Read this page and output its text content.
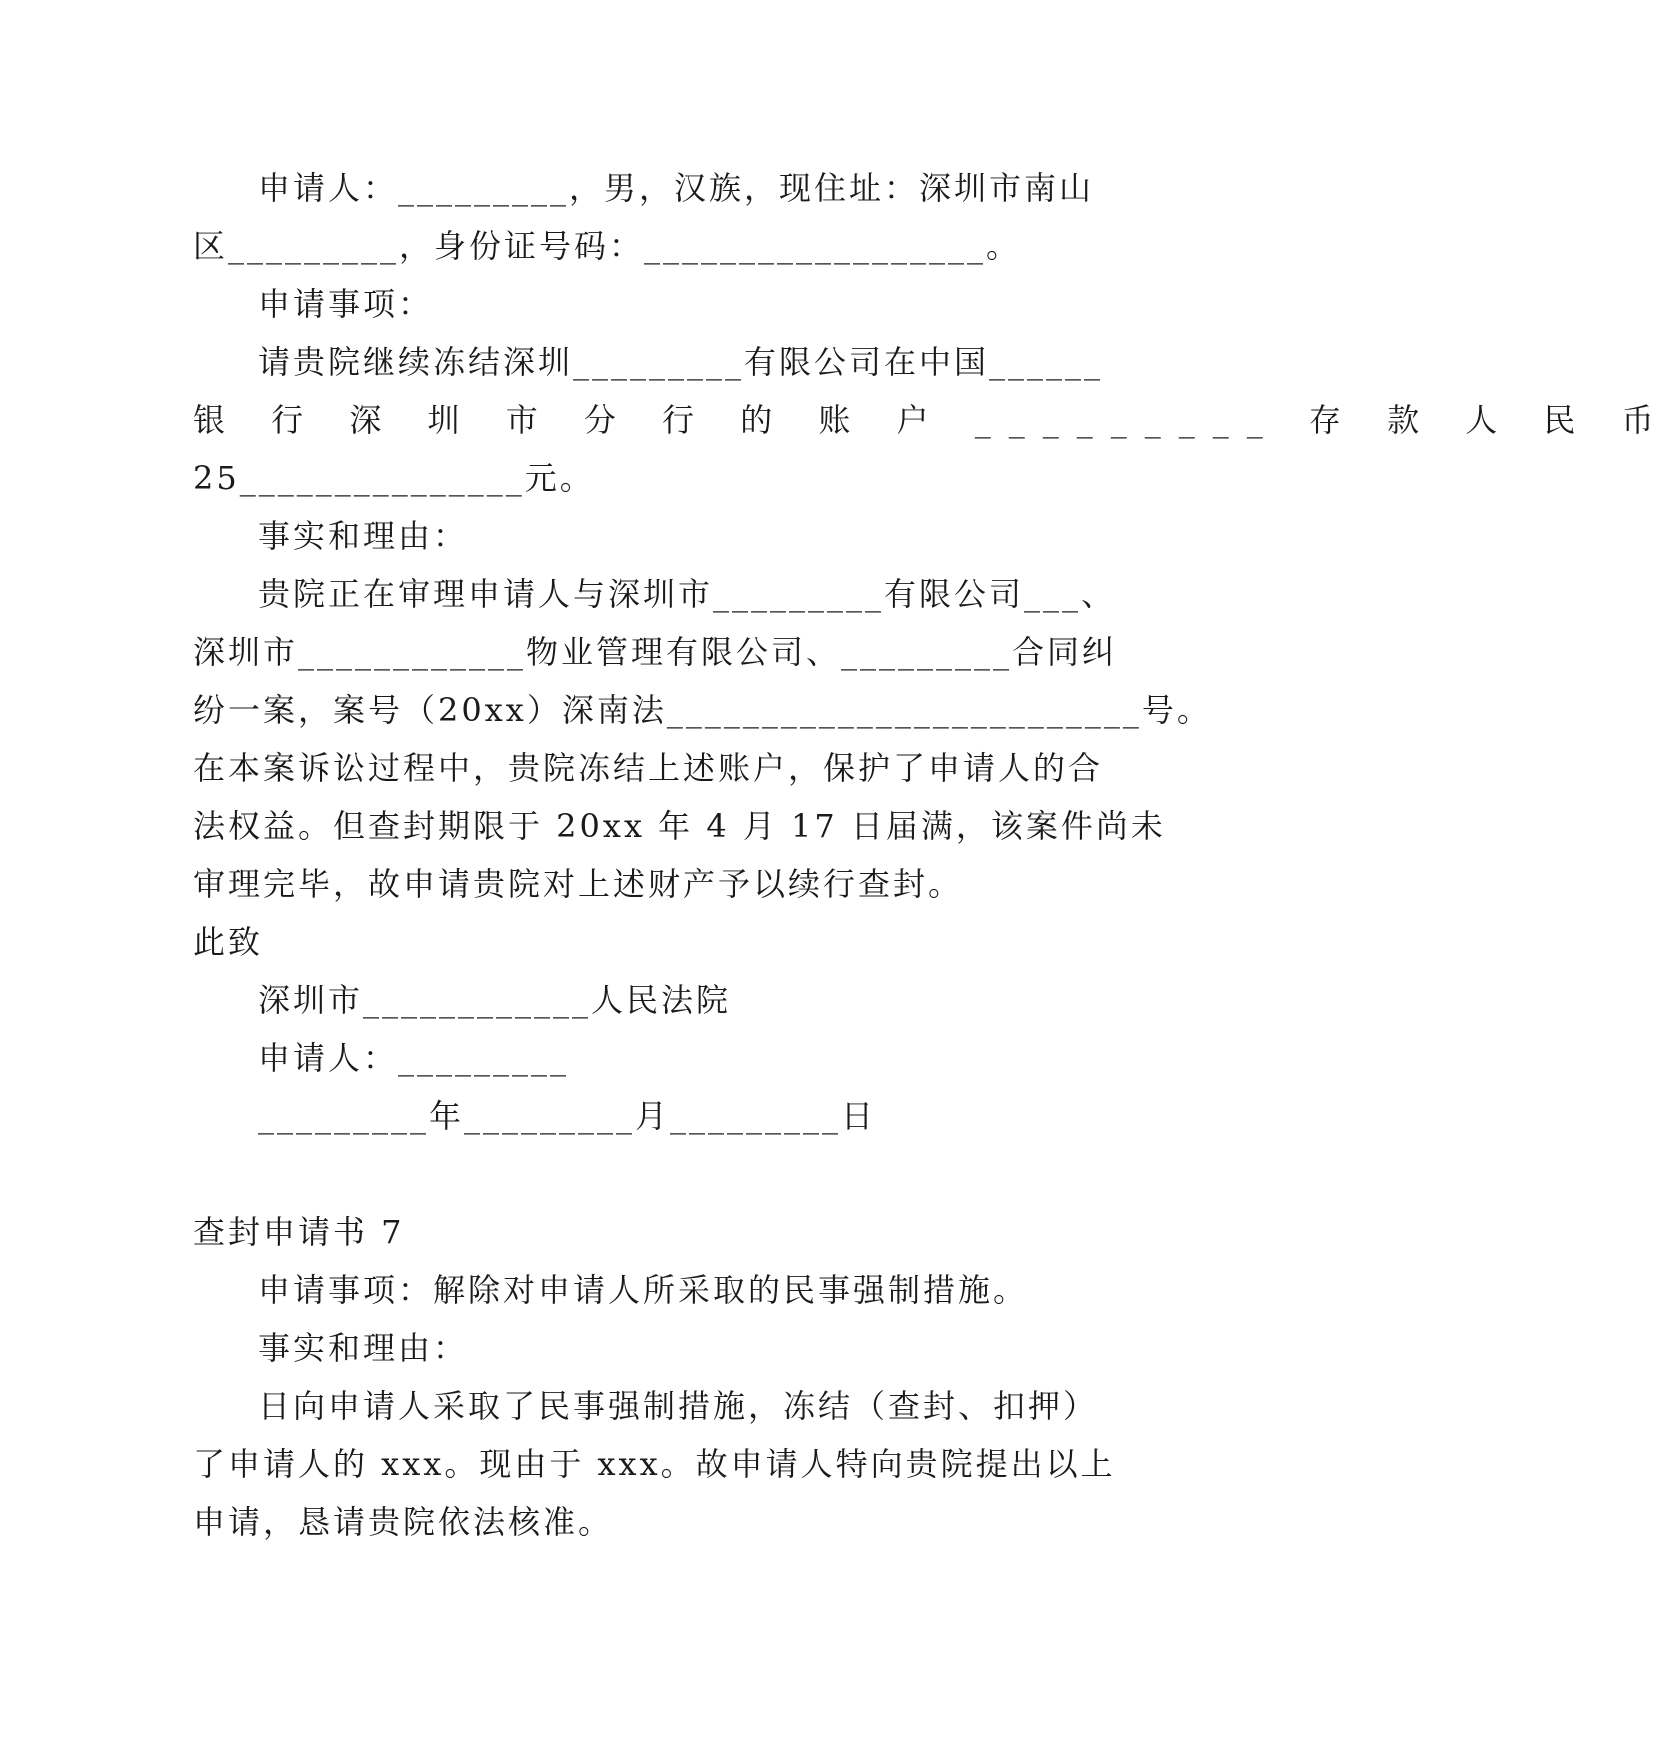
申请人：_________，男，汉族，现住址：深圳市南山
区_________，身份证号码：__________________。
申请事项：
请贵院继续冻结深圳_________有限公司在中国______
银 行 深 圳 市 分 行 的 账 户 _________ 存 款 人 民 币
25_______________元。
事实和理由：
贵院正在审理申请人与深圳市_________有限公司___、
深圳市____________物业管理有限公司、_________合同纠
纷一案，案号（20xx）深南法_________________________号。
在本案诉讼过程中，贵院冻结上述账户，保护了申请人的合
法权益。但查封期限于 20xx 年 4 月 17 日届满，该案件尚未
审理完毕，故申请贵院对上述财产予以续行查封。
此致
深圳市____________人民法院
申请人：_________
_________年_________月_________日
查封申请书 7
申请事项：解除对申请人所采取的民事强制措施。
事实和理由：
日向申请人采取了民事强制措施，冻结（查封、扣押）
了申请人的 xxx。现由于 xxx。故申请人特向贵院提出以上
申请，恳请贵院依法核准。
